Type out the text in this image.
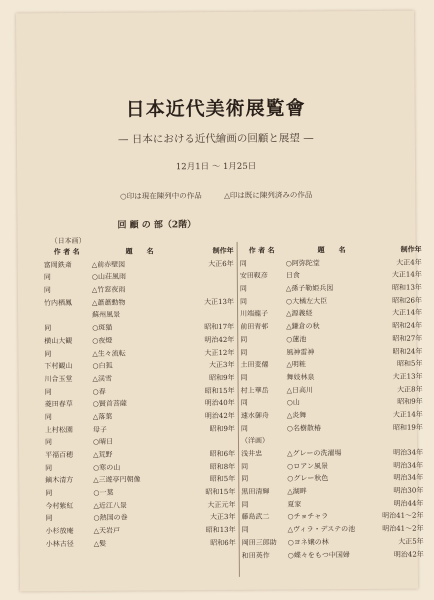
日本近代美術展覧會
— 日本における近代繪画の回顧と展望 —
12月1日 ～ 1月25日
○印は現在陳列中の作品	△印は既に陳列済みの作品
回 顧 の 部（2階）
（日本画）
作 者 名	題　　名	制作年
富岡鉄斎	△前赤壁図	大正6年
同	○山荘風雨
同	△竹窓夜雨
竹内栖鳳	△蕭蕭動物	大正13年
蘇州風景
同	○斑猫	昭和17年
横山大観	○夜燈	明治42年
同	△生々流転	大正12年
下村観山	○白狐	大正3年
川合玉堂	△渓雪	昭和9年
同	○春	昭和15年
菱田春草	○賢首菩薩	明治40年
同	△落葉	明治42年
上村松園	母子	昭和9年
同	○晴日
平福百穂	△荒野	昭和6年
同	○寒の山	昭和8年
鏑木清方	△三遊亭円朝像	昭和5年
同	○一葉	昭和15年
今村紫紅	△近江八景	大正元年
同	○熱国の巻	大正3年
小杉放庵	△天岩戸	昭和13年
小林古径	△髪	昭和6年
作 者 名	題　　名	制作年
同	○阿弥陀堂	大正4年
安田靫彦	日食	大正14年
同	△孫子勒姫兵図	昭和13年
同	○大橘左大臣	昭和26年
川端龍子	△源義経	大正14年
前田青邨	△鎌倉の秋	昭和24年
同	○蓮池	昭和27年
同	風神雷神	昭和24年
土田麦僊	△明粧	昭和5年
同	舞妓林泉	大正13年
村上華岳	△日高川	大正8年
同	○山	昭和9年
速水御舟	△炎舞	大正14年
同	○名樹散椿	昭和19年
（洋画）
浅井忠	△グレーの洗濯場	明治34年
同	○ロアン風景	明治34年
同	○グレー秋色	明治34年
黒田清輝	△湖畔	明治30年
同	夏家	明治44年
藤島武二	○チョチャラ	明治41～2年
同	△ヴィラ・デステの池	明治41～2年
岡田三郎助	○ヨネ嬢の林	大正5年
和田英作	○蝶々をもつ中国婦	明治42年
